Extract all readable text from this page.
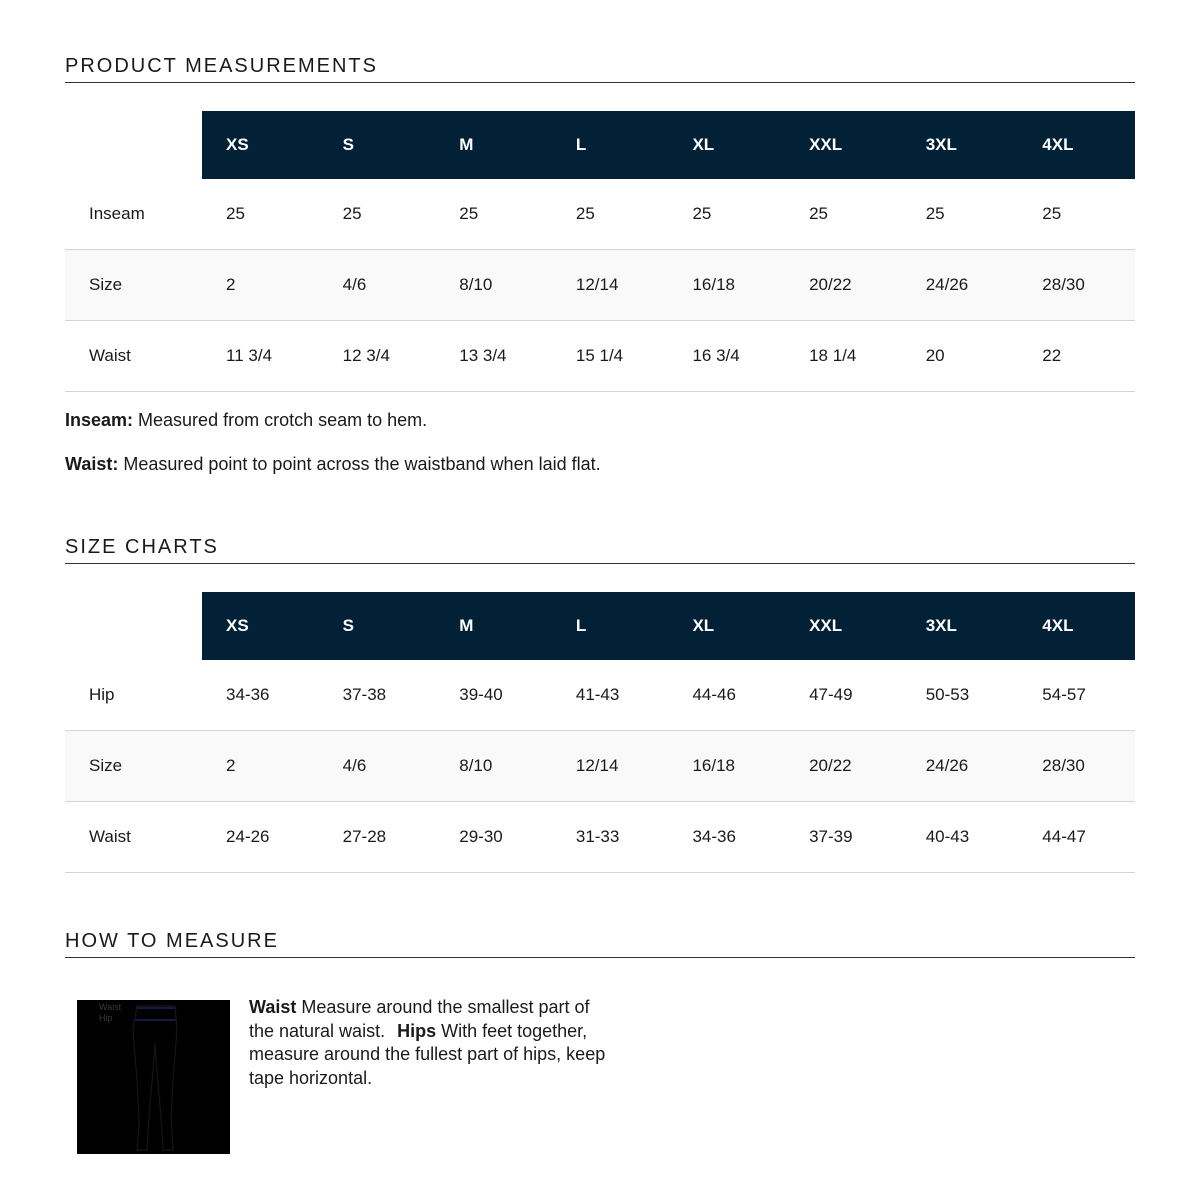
PRODUCT MEASUREMENTS

	XS	S	M	L	XL	XXL	3XL	4XL

Inseam	25	25	25	25	25	25	25	25

Size	2	4/6	8/10	12/14	16/18	20/22	24/26	28/30

Waist	11 3/4	12 3/4	13 3/4	15 1/4	16 3/4	18 1/4	20	22
Inseam: Measured from crotch seam to hem.
Waist: Measured point to point across the waistband when laid flat.
SIZE CHARTS

	XS	S	M	L	XL	XXL	3XL	4XL

Hip	34-36	37-38	39-40	41-43	44-46	47-49	50-53	54-57

Size	2	4/6	8/10	12/14	16/18	20/22	24/26	28/30

Waist	24-26	27-28	29-30	31-33	34-36	37-39	40-43	44-47
HOW TO MEASURE
Waist
Hip
Waist Measure around the smallest part of the natural waist. Hips With feet together, measure around the fullest part of hips, keep tape horizontal.
